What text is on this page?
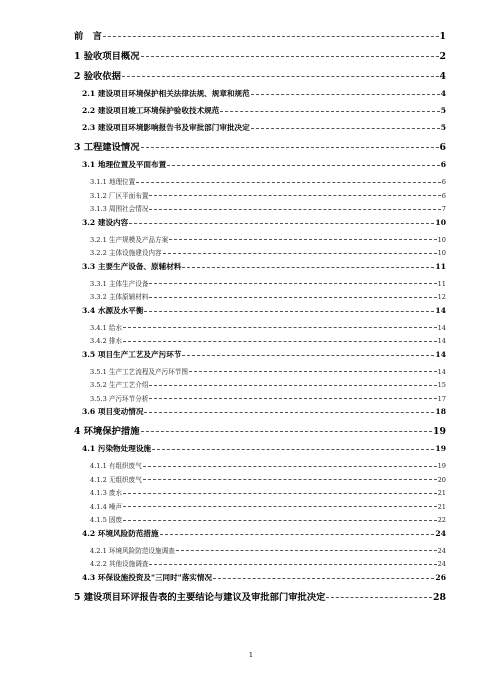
前　言	1
1 验收项目概况	2
2 验收依据	4
2.1 建设项目环境保护相关法律法规、规章和规范	4
2.2 建设项目竣工环境保护验收技术规范	5
2.3 建设项目环境影响报告书及审批部门审批决定	5
3 工程建设情况	6
3.1 地理位置及平面布置	6
3.1.1 地理位置	6
3.1.2 厂区平面布置	6
3.1.3 周围社会情况	7
3.2 建设内容	10
3.2.1 生产规模及产品方案	10
3.2.2 主体设施建设内容	10
3.3 主要生产设备、原辅材料	11
3.3.1 主体生产设备	11
3.3.2 主体原辅材料	12
3.4 水源及水平衡	14
3.4.1 给水	14
3.4.2 排水	14
3.5 项目生产工艺及产污环节	14
3.5.1 生产工艺流程及产污环节图	14
3.5.2 生产工艺介绍	15
3.5.3 产污环节分析	17
3.6 项目变动情况	18
4 环境保护措施	19
4.1 污染物处理设施	19
4.1.1 有组织废气	19
4.1.2 无组织废气	20
4.1.3 废水	21
4.1.4 噪声	21
4.1.5 固废	22
4.2 环境风险防范措施	24
4.2.1 环境风险防范设施调查	24
4.2.2 其他设施调查	24
4.3 环保设施投资及"三同时"落实情况	26
5 建设项目环评报告表的主要结论与建议及审批部门审批决定	28
1
